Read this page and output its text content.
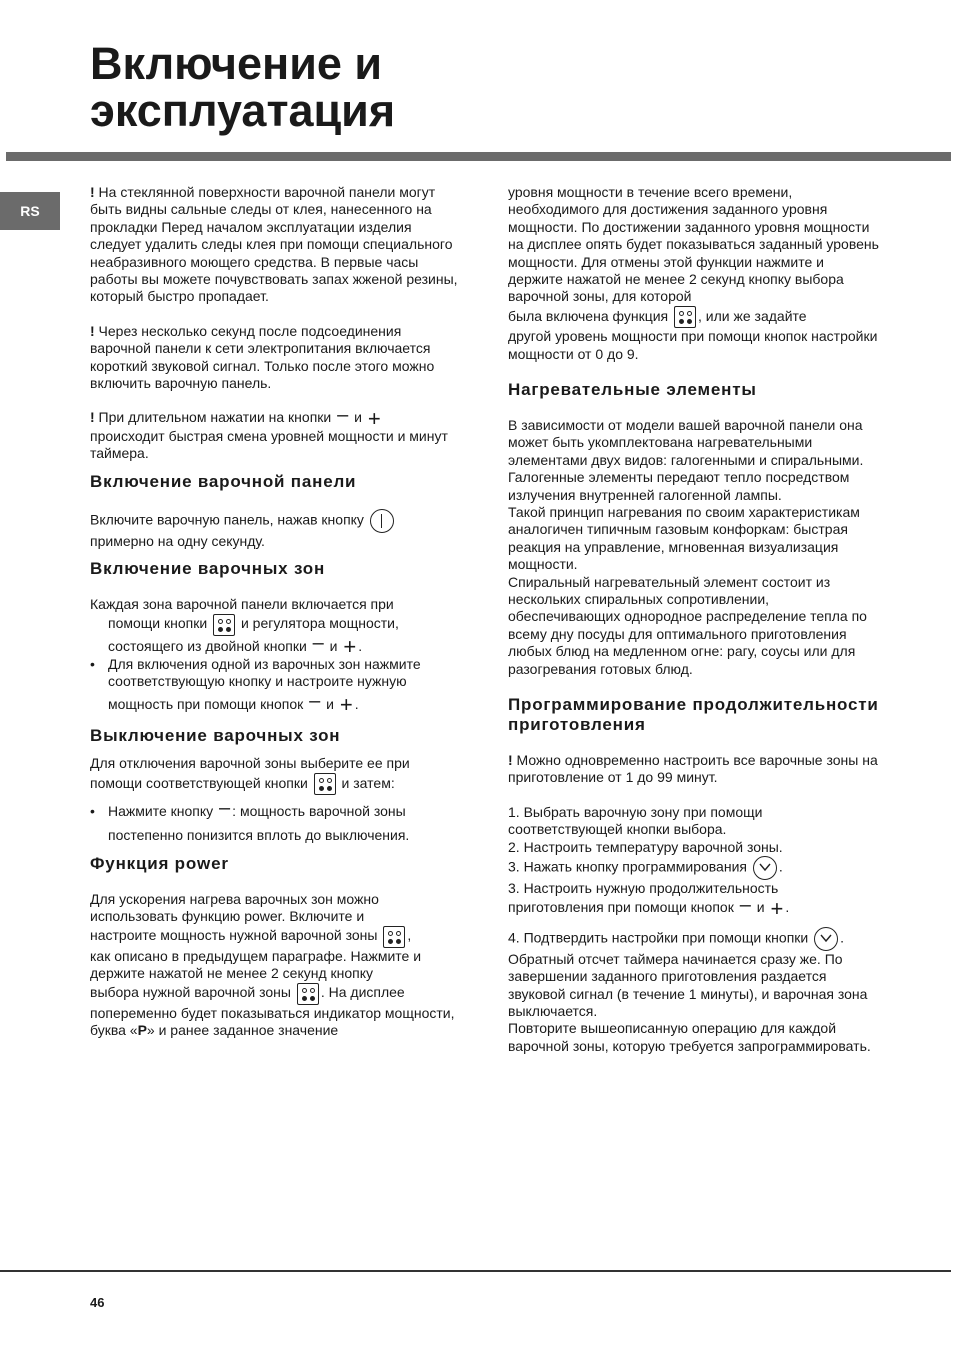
Включение и
эксплуатация
RS

! На стеклянной поверхности варочной панели могут быть видны сальные следы от клея, нанесенного на прокладки Перед началом эксплуатации изделия следует удалить следы клея при помощи специального неабразивного моющего средства. В первые часы работы вы можете почувствовать запах жженой резины, который быстро пропадает.

! Через несколько секунд после подсоединения варочной панели к сети электропитания включается короткий звуковой сигнал. Только после этого можно включить варочную панель.

! При длительном нажатии на кнопки – и +
происходит быстрая смена уровней мощности и минут таймера.

Включение варочной панели

Включите варочную панель, нажав кнопку
примерно на одну секунду.

Включение варочных зон

Каждая зона варочной панели включается при

помощи кнопки
и регулятора мощности,

состоящего из двойной кнопки – и + .

• Для включения одной из варочных зон нажмите соответствующую кнопку и настроите нужную
мощность при помощи кнопок – и + .
Выключение варочных зон

Для отключения варочной зоны выберите ее при

помощи соответствующей кнопки
и затем:

• Нажмите кнопку – : мощность варочной зоны
постепенно понизится вплоть до выключения.
Функция power

Для ускорения нагрева варочных зон можно использовать функцию power. Включите и

настроите мощность нужной варочной зоны
,

как описано в предыдущем параграфе. Нажмите и держите нажатой не менее 2 секунд кнопку

выбора нужной варочной зоны
. На дисплее

попеременно будет показываться индикатор мощности, буква «P» и ранее заданное значение

уровня мощности в течение всего времени, необходимого для достижения заданного уровня мощности. По достижении заданного уровня мощности на дисплее опять будет показываться заданный уровень мощности. Для отмены этой функции нажмите и держите нажатой не менее 2 секунд кнопку выбора варочной зоны, для которой

была включена функция
, или же задайте

другой уровень мощности при помощи кнопок настройки мощности от 0 до 9.

Нагревательные элементы

В зависимости от модели вашей варочной панели она может быть укомплектована нагревательными элементами двух видов: галогенными и спиральными.

Галогенные элементы передают тепло посредством излучения внутренней галогенной лампы.

Такой принцип нагревания по своим характеристикам аналогичен типичным газовым конфоркам: быстрая реакция на управление, мгновенная визуализация мощности.

Спиральный нагревательный элемент состоит из нескольких спиральных сопротивлении, обеспечивающих однородное распределение тепла по всему дну посуды для оптимального приготовления любых блюд на медленном огне: рагу, соусы или для разогревания готовых блюд.

Программирование продолжительности приготовления

! Можно одновременно настроить все варочные зоны на приготовление от 1 до 99 минут.

1. Выбрать варочную зону при помощи соответствующей кнопки выбора.

2. Настроить температуру варочной зоны.

3. Нажать кнопку программирования
.

3. Настроить нужную продолжительность

приготовления при помощи кнопок – и + .

4. Подтвердить настройки при помощи кнопки
.

Обратный отсчет таймера начинается сразу же. По завершении заданного приготовления раздается звуковой сигнал (в течение 1 минуты), и варочная зона выключается.

Повторите вышеописанную операцию для каждой варочной зоны, которую требуется запрограммировать.

46
